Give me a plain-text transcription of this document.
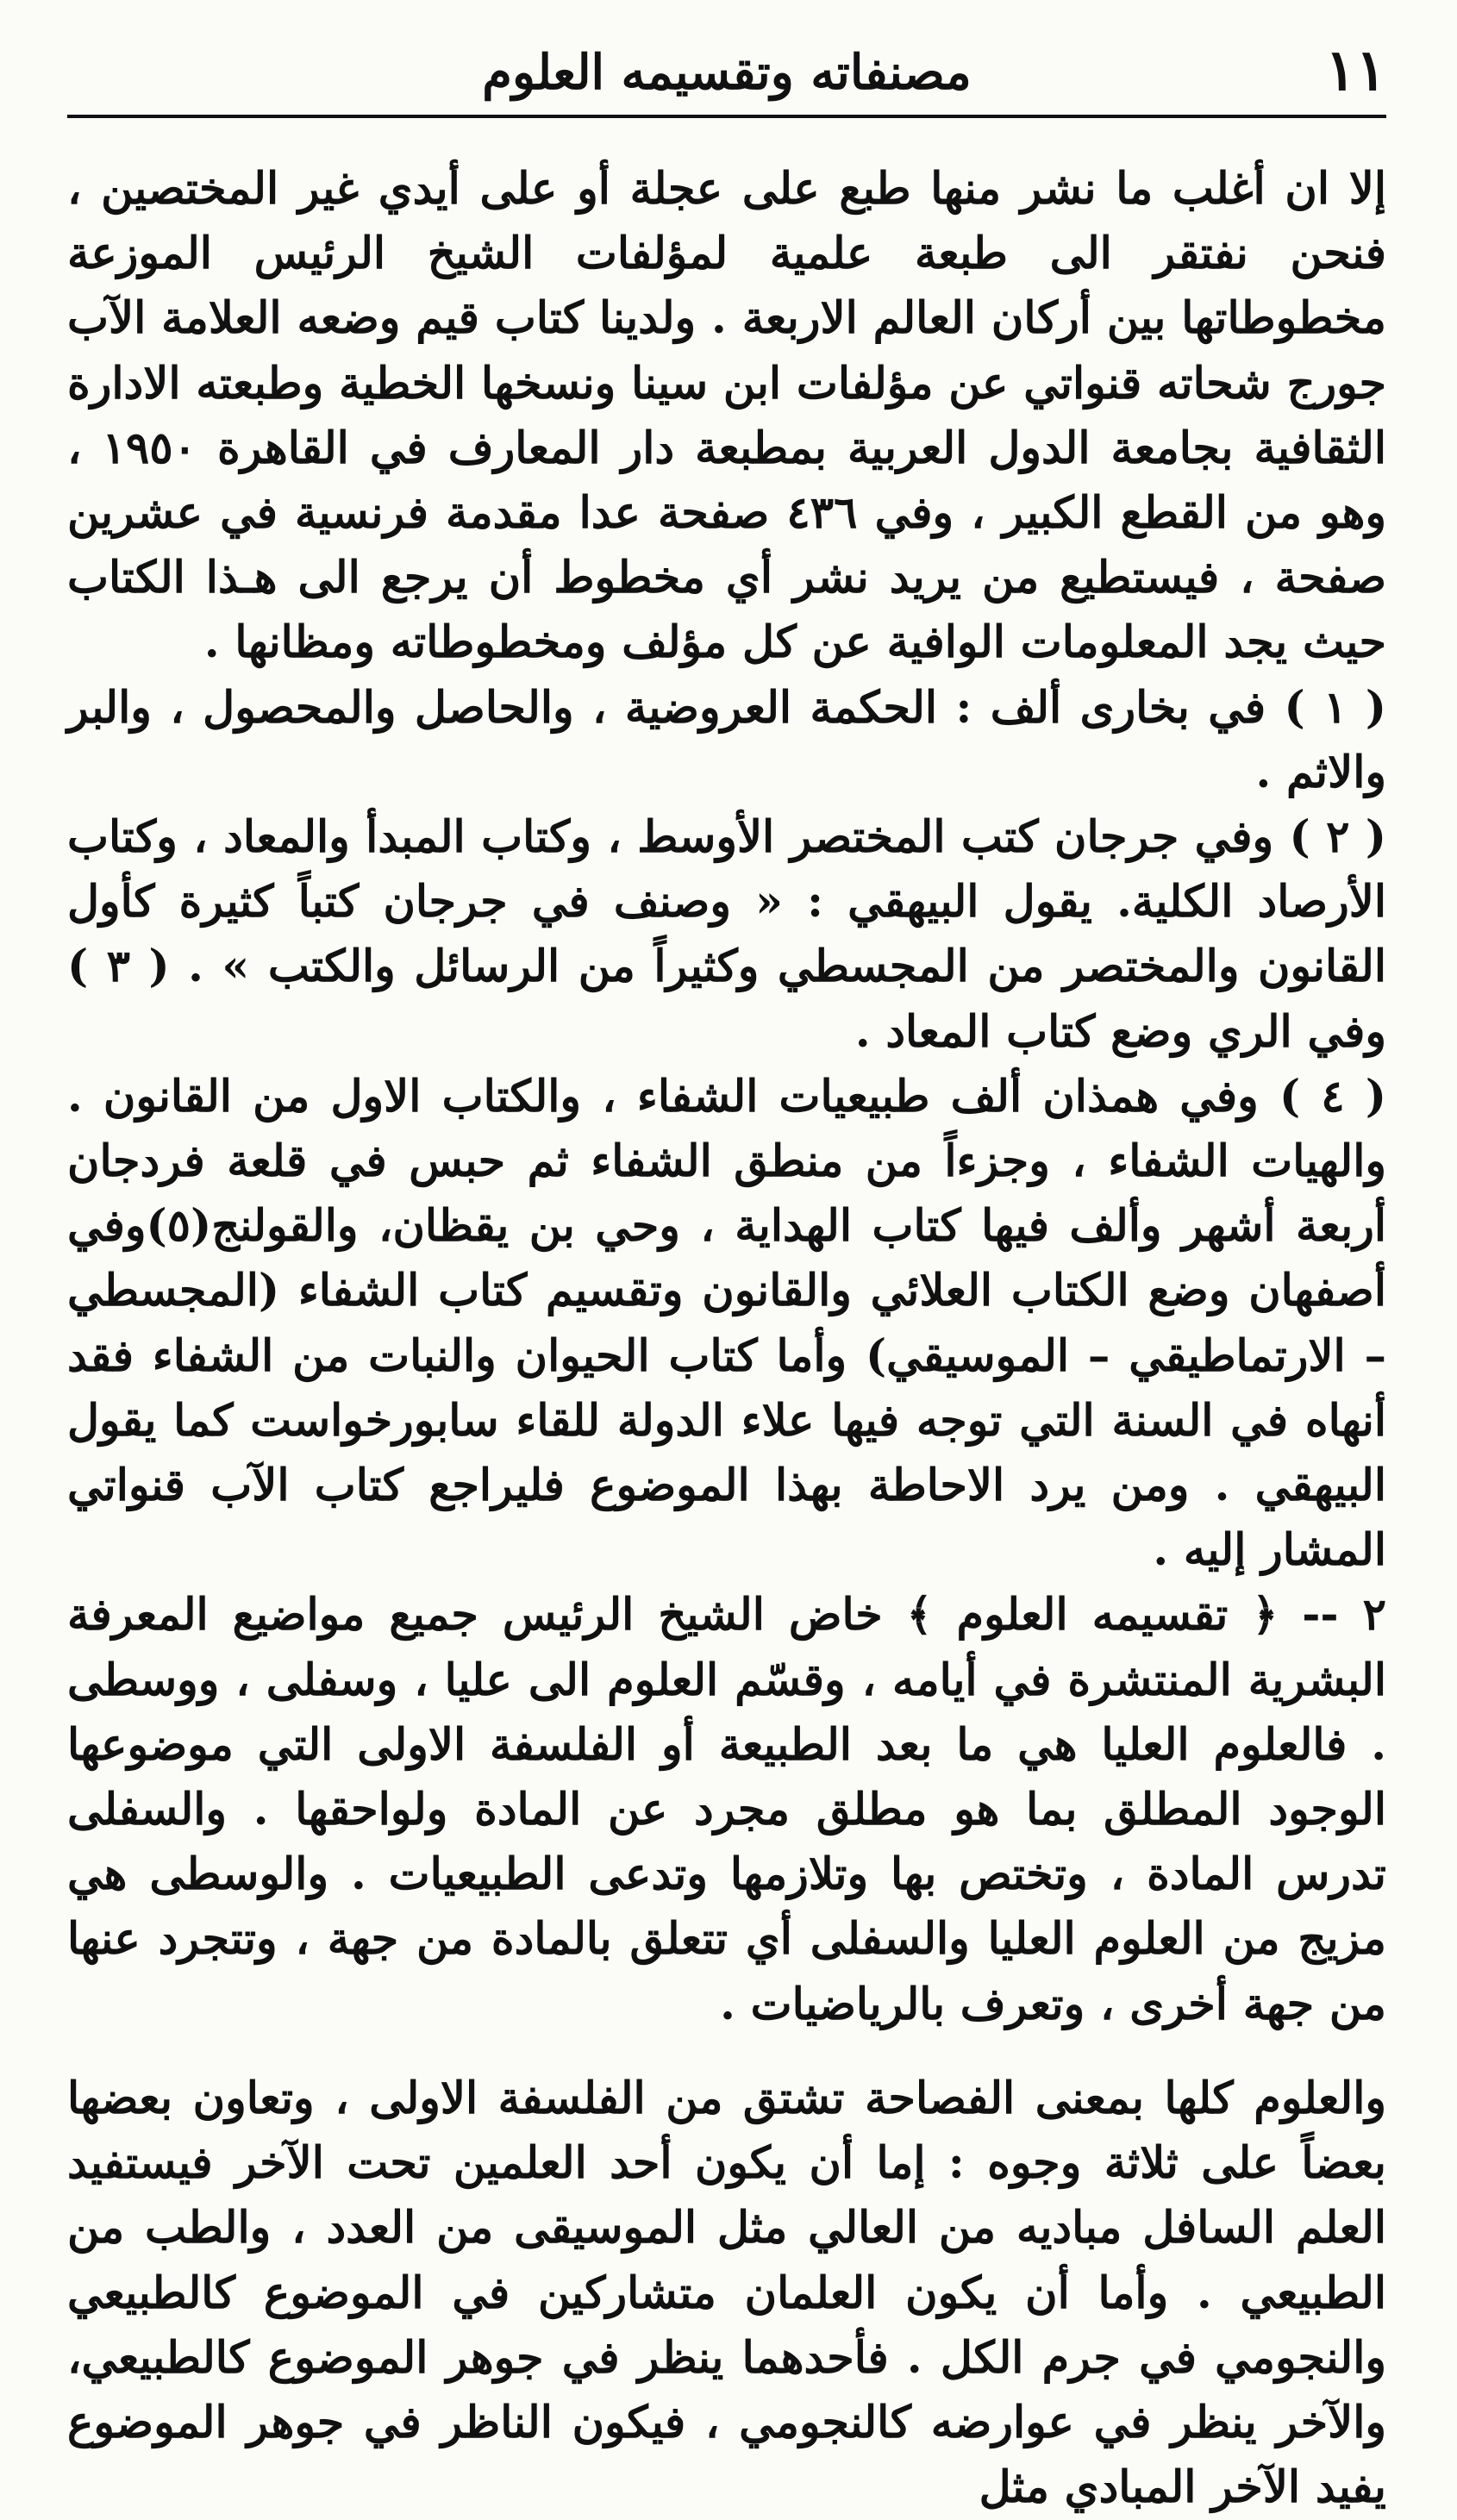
١١
مصنفاته وتقسيمه العلوم

إلا ان أغلب ما نشر منها طبع على عجلة أو على أيدي غير المختصين ، فنحن نفتقر الى طبعة علمية لمؤلفات الشيخ الرئيس الموزعة مخطوطاتها بين أركان العالم الاربعة . ولدينا كتاب قيم وضعه العلامة الآب جورج شحاته قنواتي عن مؤلفات ابن سينا ونسخها الخطية وطبعته الادارة الثقافية بجامعة الدول العربية بمطبعة دار المعارف في القاهرة ١٩٥٠ ، وهو من القطع الكبير ، وفي ٤٣٦ صفحة عدا مقدمة فرنسية في عشرين صفحة ، فيستطيع من يريد نشر أي مخطوط أن يرجع الى هـذا الكتاب حيث يجد المعلومات الوافية عن كل مؤلف ومخطوطاته ومظانها .

( ١ ) في بخارى ألف : الحكمة العروضية ، والحاصل والمحصول ، والبر والاثم .

( ٢ ) وفي جرجان كتب المختصر الأوسط ، وكتاب المبدأ والمعاد ، وكتاب الأرصاد الكلية. يقول البيهقي : « وصنف في جرجان كتباً كثيرة كأول القانون والمختصر من المجسطي وكثيراً من الرسائل والكتب » . ( ٣ ) وفي الري وضع كتاب المعاد .

( ٤ ) وفي همذان ألف طبيعيات الشفاء ، والكتاب الاول من القانون . والهيات الشفاء ، وجزءاً من منطق الشفاء ثم حبس في قلعة فردجان أربعة أشهر وألف فيها كتاب الهداية ، وحي بن يقظان، والقولنج(٥)وفي أصفهان وضع الكتاب العلائي والقانون وتقسيم كتاب الشفاء (المجسطي – الارتماطيقي – الموسيقي) وأما كتاب الحيوان والنبات من الشفاء فقد أنهاه في السنة التي توجه فيها علاء الدولة للقاء سابورخواست كما يقول البيهقي . ومن يرد الاحاطة بهذا الموضوع فليراجع كتاب الآب قنواتي المشار إليه .

٢ -- ﴿ تقسيمه العلوم ﴾ خاض الشيخ الرئيس جميع مواضيع المعرفة البشرية المنتشرة في أيامه ، وقسّم العلوم الى عليا ، وسفلى ، ووسطى . فالعلوم العليا هي ما بعد الطبيعة أو الفلسفة الاولى التي موضوعها الوجود المطلق بما هو مطلق مجرد عن المادة ولواحقها . والسفلى تدرس المادة ، وتختص بها وتلازمها وتدعى الطبيعيات . والوسطى هي مزيج من العلوم العليا والسفلى أي تتعلق بالمادة من جهة ، وتتجرد عنها من جهة أخرى ، وتعرف بالرياضيات .

والعلوم كلها بمعنى الفصاحة تشتق من الفلسفة الاولى ، وتعاون بعضها بعضاً على ثلاثة وجوه : إما أن يكون أحد العلمين تحت الآخر فيستفيد العلم السافل مباديه من العالي مثل الموسيقى من العدد ، والطب من الطبيعي . وأما أن يكون العلمان متشاركين في الموضوع كالطبيعي والنجومي في جرم الكل . فأحدهما ينظر في جوهر الموضوع كالطبيعي، والآخر ينظر في عوارضه كالنجومي ، فيكون الناظر في جوهر الموضوع يفيد الآخر المبادي مثل
